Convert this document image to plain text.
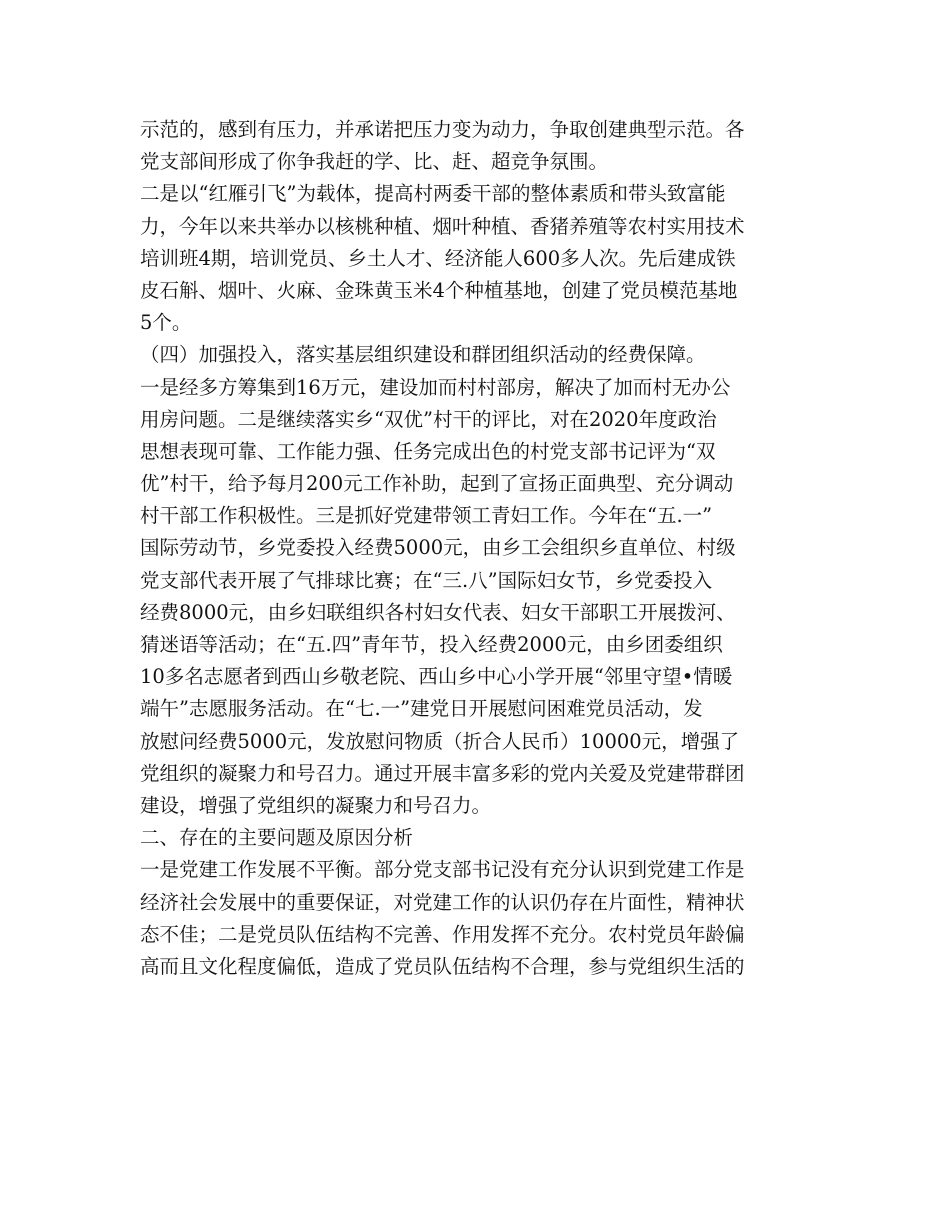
示范的，感到有压力，并承诺把压力变为动力，争取创建典型示范。各
党支部间形成了你争我赶的学、比、赶、超竞争氛围。
二是以“红雁引飞”为载体，提高村两委干部的整体素质和带头致富能
力，今年以来共举办以核桃种植、烟叶种植、香猪养殖等农村实用技术
培训班4期，培训党员、乡土人才、经济能人600多人次。先后建成铁
皮石斛、烟叶、火麻、金珠黄玉米4个种植基地，创建了党员模范基地
5个。
（四）加强投入，落实基层组织建设和群团组织活动的经费保障。
一是经多方筹集到16万元，建设加而村村部房，解决了加而村无办公
用房问题。二是继续落实乡“双优”村干的评比，对在2020年度政治
思想表现可靠、工作能力强、任务完成出色的村党支部书记评为“双
优”村干，给予每月200元工作补助，起到了宣扬正面典型、充分调动
村干部工作积极性。三是抓好党建带领工青妇工作。今年在“五.一”
国际劳动节，乡党委投入经费5000元，由乡工会组织乡直单位、村级
党支部代表开展了气排球比赛；在“三.八”国际妇女节，乡党委投入
经费8000元，由乡妇联组织各村妇女代表、妇女干部职工开展拨河、
猜迷语等活动；在“五.四”青年节，投入经费2000元，由乡团委组织
10多名志愿者到西山乡敬老院、西山乡中心小学开展“邻里守望•情暖
端午”志愿服务活动。在“七.一”建党日开展慰问困难党员活动，发
放慰问经费5000元，发放慰问物质（折合人民币）10000元，增强了
党组织的凝聚力和号召力。通过开展丰富多彩的党内关爱及党建带群团
建设，增强了党组织的凝聚力和号召力。
二、存在的主要问题及原因分析
一是党建工作发展不平衡。部分党支部书记没有充分认识到党建工作是
经济社会发展中的重要保证，对党建工作的认识仍存在片面性，精神状
态不佳；二是党员队伍结构不完善、作用发挥不充分。农村党员年龄偏
高而且文化程度偏低，造成了党员队伍结构不合理，参与党组织生活的
